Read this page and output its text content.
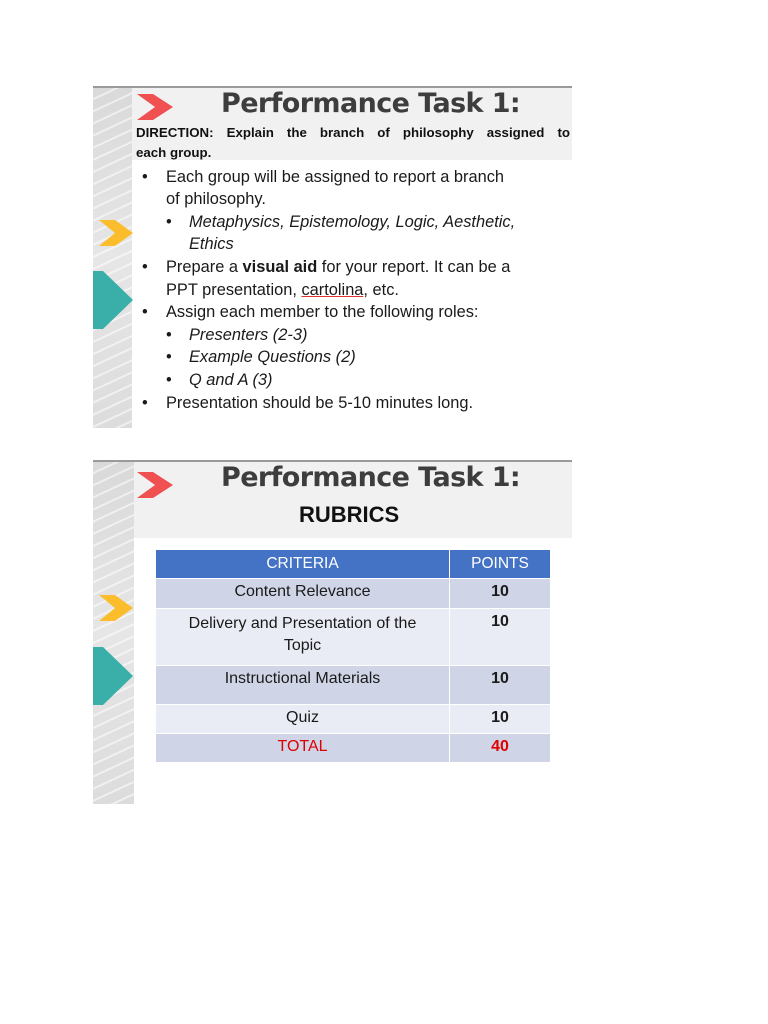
Performance Task 1:
DIRECTION: Explain the branch of philosophy assigned to
each group.
• Each group will be assigned to report a branch
of philosophy.
• Metaphysics, Epistemology, Logic, Aesthetic,
Ethics
• Prepare a visual aid for your report. It can be a
PPT presentation, cartolina, etc.
• Assign each member to the following roles:
• Presenters (2-3)
• Example Questions (2)
• Q and A (3)
• Presentation should be 5-10 minutes long.
Performance Task 1:
RUBRICS
CRITERIA	POINTS
Content Relevance	10
Delivery and Presentation of the Topic	10
Instructional Materials	10
Quiz	10
TOTAL	40
